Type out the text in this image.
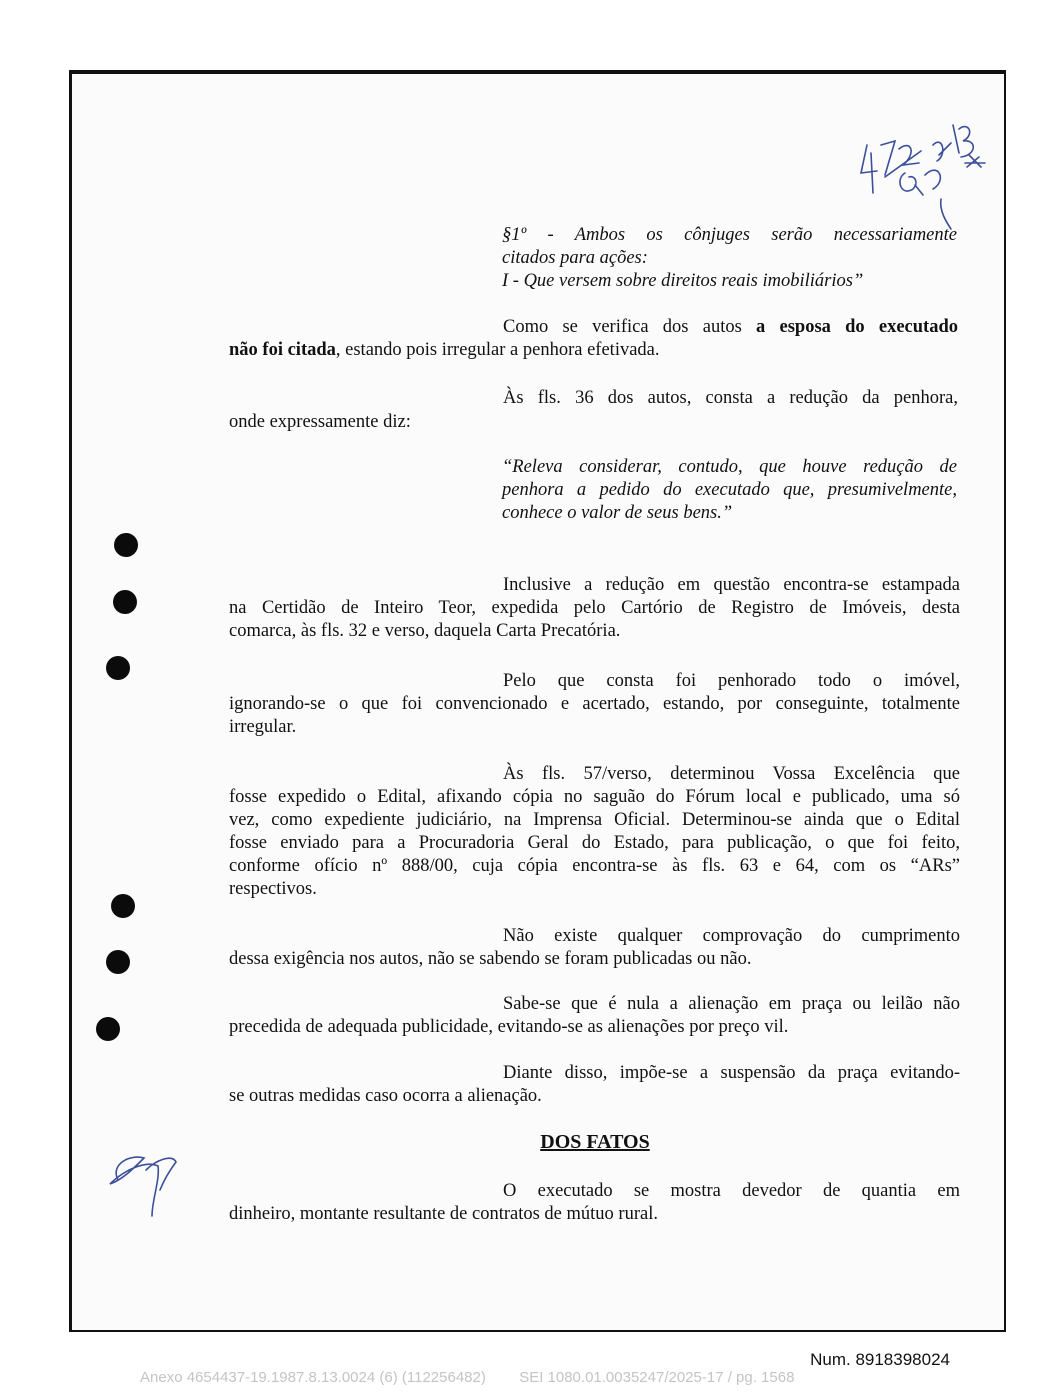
§1º - Ambos os cônjuges serão necessariamente
citados para ações:
I - Que versem sobre direitos reais imobiliários”
Como se verifica dos autos a esposa do executado
não foi citada, estando pois irregular a penhora efetivada.
Às fls. 36 dos autos, consta a redução da penhora,
onde expressamente diz:
“Releva considerar, contudo, que houve redução de
penhora a pedido do executado que, presumivelmente,
conhece o valor de seus bens.”
Inclusive a redução em questão encontra-se estampada
na Certidão de Inteiro Teor, expedida pelo Cartório de Registro de Imóveis, desta
comarca, às fls. 32 e verso, daquela Carta Precatória.
Pelo que consta foi penhorado todo o imóvel,
ignorando-se o que foi convencionado e acertado, estando, por conseguinte, totalmente
irregular.
Às fls. 57/verso, determinou Vossa Excelência que
fosse expedido o Edital, afixando cópia no saguão do Fórum local e publicado, uma só
vez, como expediente judiciário, na Imprensa Oficial. Determinou-se ainda que o Edital
fosse enviado para a Procuradoria Geral do Estado, para publicação, o que foi feito,
conforme ofício nº 888/00, cuja cópia encontra-se às fls. 63 e 64, com os “ARs”
respectivos.
Não existe qualquer comprovação do cumprimento
dessa exigência nos autos, não se sabendo se foram publicadas ou não.
Sabe-se que é nula a alienação em praça ou leilão não
precedida de adequada publicidade, evitando-se as alienações por preço vil.
Diante disso, impõe-se a suspensão da praça evitando-
se outras medidas caso ocorra a alienação.
DOS FATOS
O executado se mostra devedor de quantia em
dinheiro, montante resultante de contratos de mútuo rural.
Num. 8918398024
Anexo 4654437-19.1987.8.13.0024 (6) (112256482) SEI 1080.01.0035247/2025-17 / pg. 1568
